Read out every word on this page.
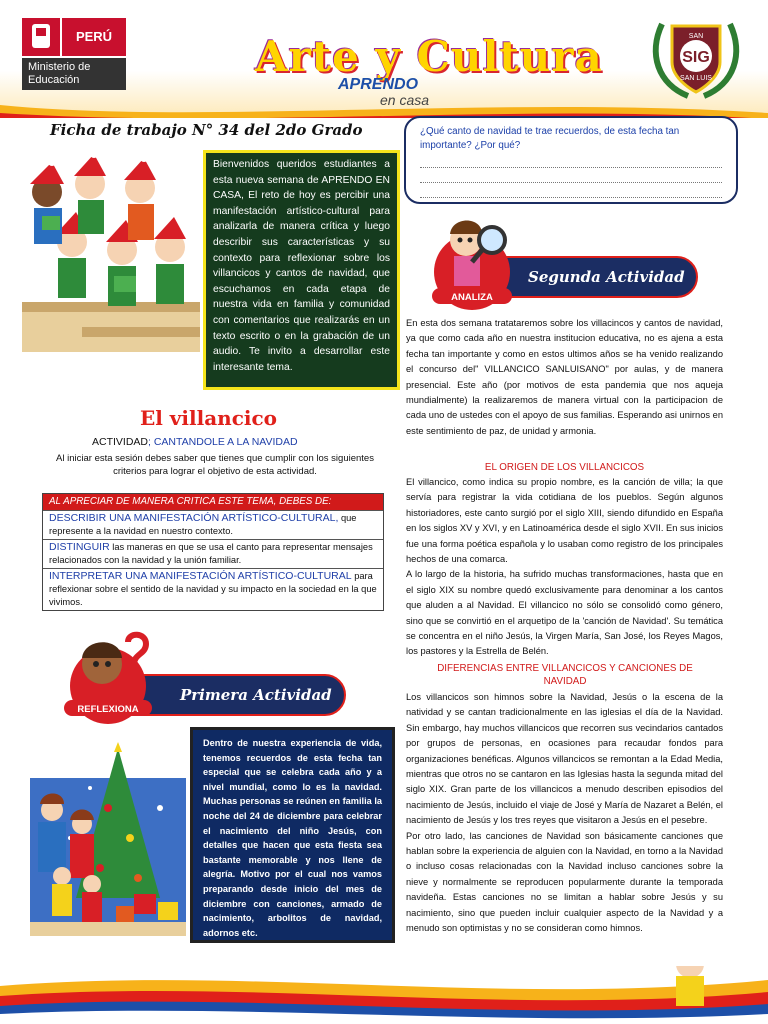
PERÚ
Ministerio de Educación	Arte y Cultura
APRENDO
en casa
SIG
SAN
SAN LUIS
Ficha de trabajo N° 34 del 2do Grado
Bienvenidos queridos estudiantes a esta nueva semana de APRENDO EN CASA, El reto de hoy es percibir una manifestación artístico-cultural para analizarla de manera crítica y luego describir sus características y su contexto para reflexionar sobre los villancicos y cantos de navidad, que escuchamos en cada etapa de nuestra vida en familia y comunidad con comentarios que realizarás en un texto escrito o en la grabación de un audio. Te invito a desarrollar este interesante tema.
El villancico
ACTIVIDAD; CANTANDOLE A LA NAVIDAD
Al iniciar esta sesión debes saber que tienes que cumplir con los siguientes criterios para lograr el objetivo de esta actividad.
AL APRECIAR DE MANERA CRITICA ESTE TEMA, DEBES DE:
DESCRIBIR UNA MANIFESTACIÓN ARTÍSTICO-CULTURAL, que represente a la navidad en nuestro contexto.
DISTINGUIR las maneras en que se usa el canto para representar mensajes relacionados con la navidad y la unión familiar.
INTERPRETAR UNA MANIFESTACIÓN ARTÍSTICO-CULTURAL para reflexionar sobre el sentido de la navidad y su impacto en la sociedad en la que vivimos.
Primera Actividad
REFLEXIONA
Dentro de nuestra experiencia de vida, tenemos recuerdos de esta fecha tan especial que se celebra cada año y a nivel mundial, como lo es la navidad. Muchas personas se reúnen en familia la noche del 24 de diciembre para celebrar el nacimiento del niño Jesús, con detalles que hacen que esta fiesta sea bastante memorable y nos llene de alegría. Motivo por el cual nos vamos preparando desde inicio del mes de diciembre con canciones, armado de nacimiento, arbolitos de navidad, adornos etc.
¿Qué canto de navidad te trae recuerdos, de esta fecha tan importante? ¿Por qué?
Segunda Actividad
ANALIZA
En esta dos semana tratataremos sobre los villacincos y cantos de navidad, ya que como cada año en nuestra institucion educativa, no es ajena a esta fecha tan importante y como en estos ultimos años se ha venido realizando el concurso del" VILLANCICO SANLUISANO" por aulas, y de manera presencial. Este año (por motivos de esta pandemia que nos aqueja mundialmente) la realizaremos de manera virtual con la participacion de cada uno de ustedes con el apoyo de sus familias. Esperando asi unirnos en este sentimiento de paz, de unidad y armonia.
EL ORIGEN DE LOS VILLANCICOS

El villancico, como indica su propio nombre, es la canción de villa; la que servía para registrar la vida cotidiana de los pueblos. Según algunos historiadores, este canto surgió por el siglo XIII, siendo difundido en España en los siglos XV y XVI, y en Latinoamérica desde el siglo XVII. En sus inicios fue una forma poética española y lo usaban como registro de los principales hechos de una comarca.

A lo largo de la historia, ha sufrido muchas transformaciones, hasta que en el siglo XIX su nombre quedó exclusivamente para denominar a los cantos que aluden a al Navidad. El villancico no sólo se consolidó como género, sino que se convirtió en el arquetipo de la 'canción de Navidad'. Su temática se concentra en el niño Jesús, la Virgen María, San José, los Reyes Magos, los pastores y la Estrella de Belén.

DIFERENCIAS ENTRE VILLANCICOS Y CANCIONES DE NAVIDAD

Los villancicos son himnos sobre la Navidad, Jesús o la escena de la natividad y se cantan tradicionalmente en las iglesias el día de la Navidad. Sin embargo, hay muchos villancicos que recorren sus vecindarios cantados por grupos de personas, en ocasiones para recaudar fondos para organizaciones benéficas. Algunos villancicos se remontan a la Edad Media, mientras que otros no se cantaron en las Iglesias hasta la segunda mitad del siglo XIX. Gran parte de los villancicos a menudo describen episodios del nacimiento de Jesús, incluido el viaje de José y María de Nazaret a Belén, el nacimiento de Jesús y los tres reyes que visitaron a Jesús en el pesebre.

Por otro lado, las canciones de Navidad son básicamente canciones que hablan sobre la experiencia de alguien con la Navidad, en torno a la Navidad o incluso cosas relacionadas con la Navidad incluso canciones sobre la nieve y normalmente se reproducen popularmente durante la temporada navideña. Estas canciones no se limitan a hablar sobre Jesús y su nacimiento, sino que pueden incluir cualquier aspecto de la Navidad y a menudo son optimistas y no se consideran como himnos.
